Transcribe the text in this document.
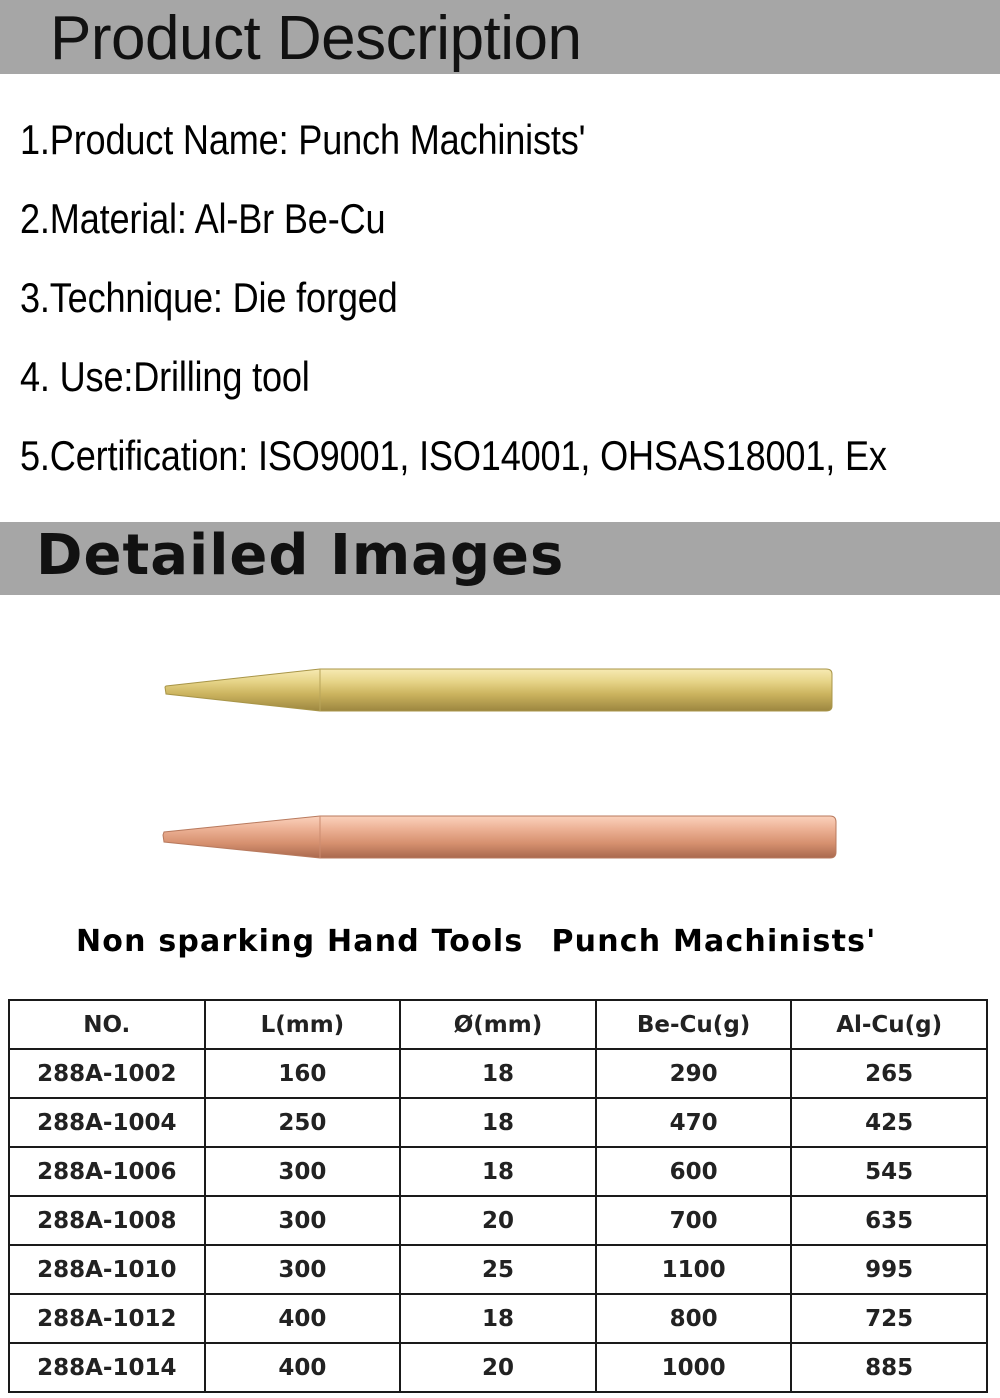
Product Description
1.Product Name: Punch Machinists'
2.Material: Al-Br Be-Cu
3.Technique: Die forged
4. Use:Drilling tool
5.Certification: ISO9001, ISO14001, OHSAS18001, Ex
Detailed Images
Non sparking Hand Tools Punch Machinists'
NO.	L(mm)	Ø(mm)	Be-Cu(g)	Al-Cu(g)
288A-1002	160	18	290	265
288A-1004	250	18	470	425
288A-1006	300	18	600	545
288A-1008	300	20	700	635
288A-1010	300	25	1100	995
288A-1012	400	18	800	725
288A-1014	400	20	1000	885
